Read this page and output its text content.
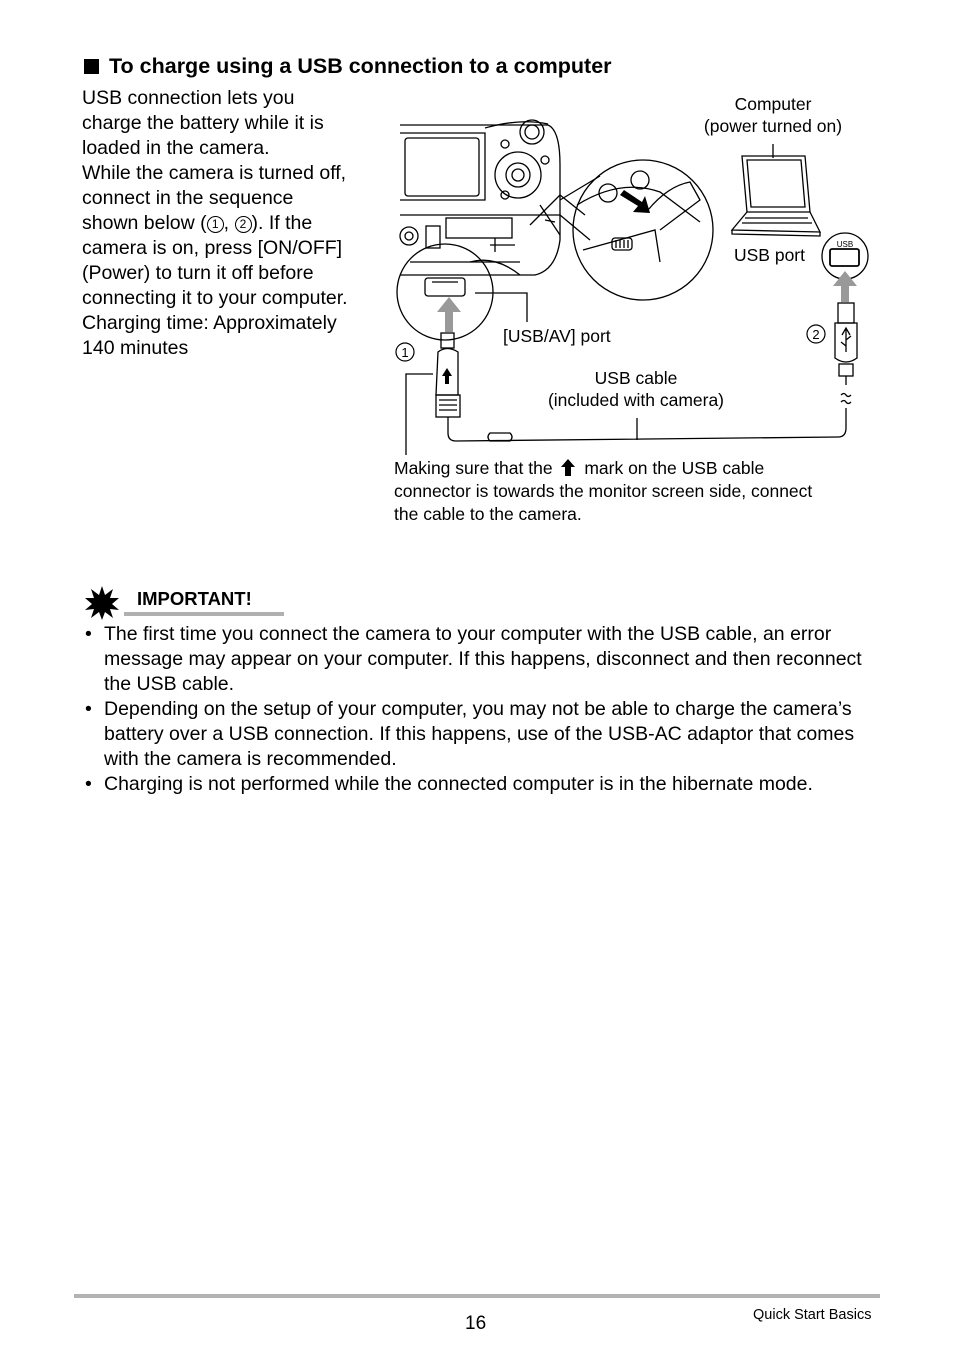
To charge using a USB connection to a computer

USB connection lets you

charge the battery while it is

loaded in the camera.

While the camera is turned off,

connect in the sequence

shown below ( 1 , 2 ). If the

camera is on, press [ON/OFF]

(Power) to turn it off before

connecting it to your computer.

Charging time: Approximately

140 minutes

USB
1
2
Computer
(power turned on)
USB port
[USB/AV] port
USB cable
(included with camera)
Making sure that the mark on the USB cable
connector is towards the monitor screen side, connect
the cable to the camera.
IMPORTANT!
• The first time you connect the camera to your computer with the USB cable, an error message may appear on your computer. If this happens, disconnect and then reconnect the USB cable.
• Depending on the setup of your computer, you may not be able to charge the camera’s battery over a USB connection. If this happens, use of the USB-AC adaptor that comes with the camera is recommended.
• Charging is not performed while the connected computer is in the hibernate mode.
16	Quick Start Basics
